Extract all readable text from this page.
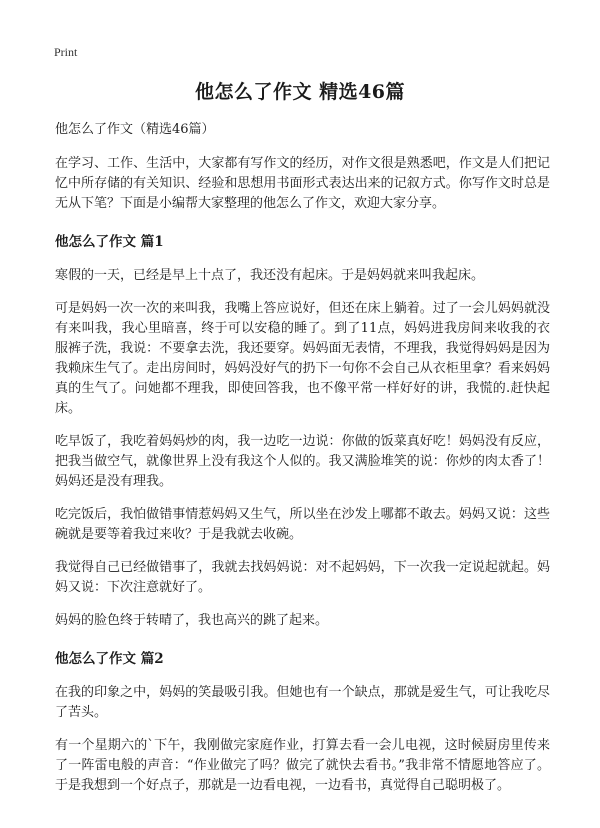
Print
他怎么了作文 精选46篇

他怎么了作文（精选46篇）

在学习、工作、生活中，大家都有写作文的经历，对作文很是熟悉吧，作文是人们把记忆中所存储的有关知识、经验和思想用书面形式表达出来的记叙方式。你写作文时总是无从下笔？下面是小编帮大家整理的他怎么了作文，欢迎大家分享。

他怎么了作文 篇1

寒假的一天，已经是早上十点了，我还没有起床。于是妈妈就来叫我起床。

可是妈妈一次一次的来叫我，我嘴上答应说好，但还在床上躺着。过了一会儿妈妈就没有来叫我，我心里暗喜，终于可以安稳的睡了。到了11点，妈妈进我房间来收我的衣服裤子洗，我说：不要拿去洗，我还要穿。妈妈面无表情，不理我，我觉得妈妈是因为我赖床生气了。走出房间时，妈妈没好气的扔下一句你不会自己从衣柜里拿？看来妈妈真的生气了。问她都不理我，即使回答我，也不像平常一样好好的讲，我慌的.赶快起床。

吃早饭了，我吃着妈妈炒的肉，我一边吃一边说：你做的饭菜真好吃！妈妈没有反应，把我当做空气，就像世界上没有我这个人似的。我又满脸堆笑的说：你炒的肉太香了！妈妈还是没有理我。

吃完饭后，我怕做错事情惹妈妈又生气，所以坐在沙发上哪都不敢去。妈妈又说：这些碗就是要等着我过来收？于是我就去收碗。

我觉得自己已经做错事了，我就去找妈妈说：对不起妈妈，下一次我一定说起就起。妈妈又说：下次注意就好了。

妈妈的脸色终于转晴了，我也高兴的跳了起来。

他怎么了作文 篇2

在我的印象之中，妈妈的笑最吸引我。但她也有一个缺点，那就是爱生气，可让我吃尽了苦头。

有一个星期六的`下午，我刚做完家庭作业，打算去看一会儿电视，这时候厨房里传来了一阵雷电般的声音：“作业做完了吗？做完了就快去看书。”我非常不情愿地答应了。于是我想到一个好点子，那就是一边看电视，一边看书，真觉得自己聪明极了。
